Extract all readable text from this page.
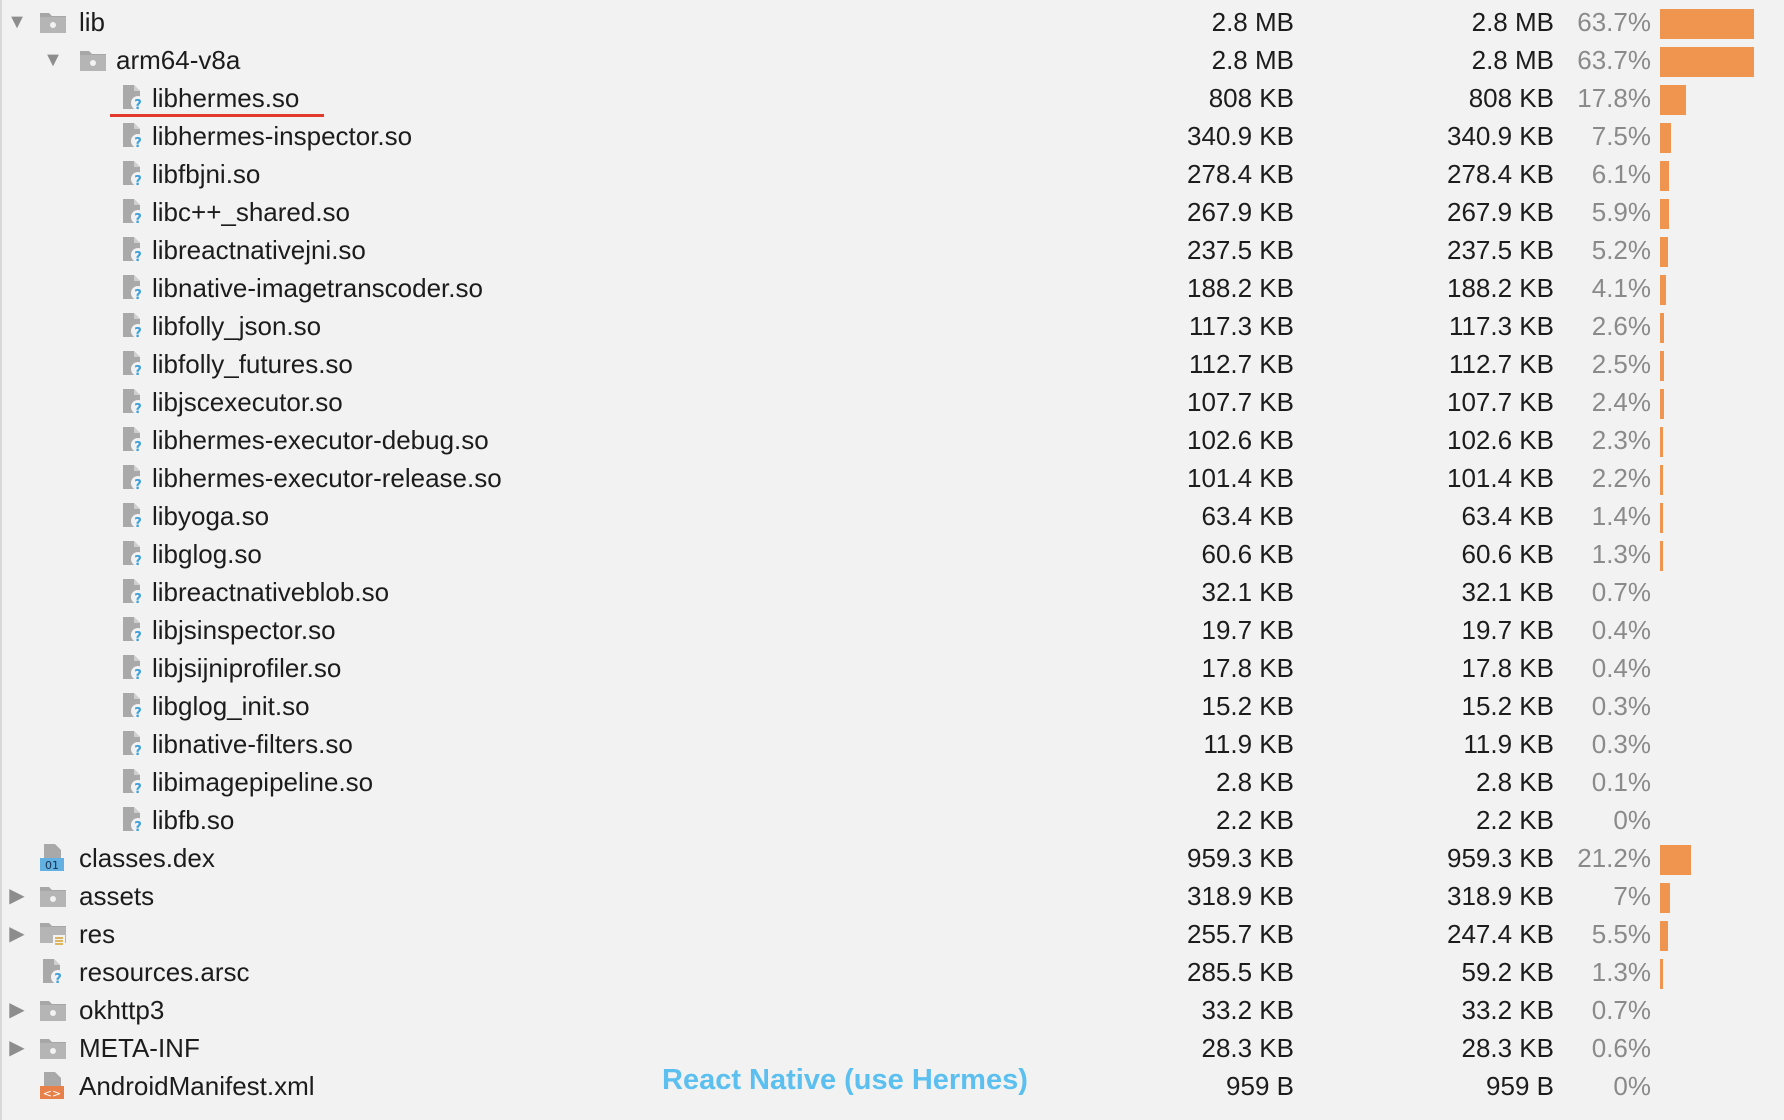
▼ lib	2.8 MB	2.8 MB 63.7%
▼ arm64-v8a	2.8 MB	2.8 MB 63.7%
? libhermes.so	808 KB	808 KB 17.8%
? libhermes-inspector.so	340.9 KB	340.9 KB 7.5%
? libfbjni.so	278.4 KB	278.4 KB 6.1%
? libc++_shared.so	267.9 KB	267.9 KB 5.9%
? libreactnativejni.so	237.5 KB	237.5 KB 5.2%
? libnative-imagetranscoder.so	188.2 KB	188.2 KB 4.1%
? libfolly_json.so	117.3 KB	117.3 KB 2.6%
? libfolly_futures.so	112.7 KB	112.7 KB 2.5%
? libjscexecutor.so	107.7 KB	107.7 KB 2.4%
? libhermes-executor-debug.so	102.6 KB	102.6 KB 2.3%
? libhermes-executor-release.so	101.4 KB	101.4 KB 2.2%
? libyoga.so	63.4 KB	63.4 KB 1.4%
? libglog.so	60.6 KB	60.6 KB 1.3%
? libreactnativeblob.so	32.1 KB	32.1 KB 0.7%
? libjsinspector.so	19.7 KB	19.7 KB 0.4%
? libjsijniprofiler.so	17.8 KB	17.8 KB 0.4%
? libglog_init.so	15.2 KB	15.2 KB 0.3%
? libnative-filters.so	11.9 KB	11.9 KB 0.3%
? libimagepipeline.so	2.8 KB	2.8 KB 0.1%
? libfb.so	2.2 KB	2.2 KB 0%
01 classes.dex	959.3 KB	959.3 KB 21.2%
▶ assets	318.9 KB	318.9 KB 7%
▶ res	255.7 KB	247.4 KB 5.5%
? resources.arsc	285.5 KB	59.2 KB 1.3%
▶ okhttp3	33.2 KB	33.2 KB 0.7%
▶ META-INF	28.3 KB	28.3 KB 0.6%
<> AndroidManifest.xml	959 B	959 B 0%
React Native (use Hermes)
